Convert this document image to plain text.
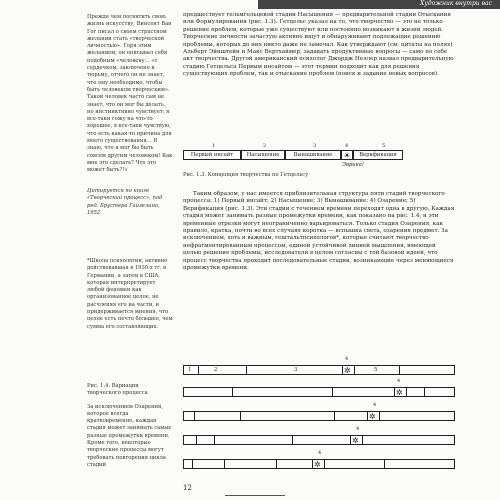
Художник внутри вас

Прежде чем посвятить свою жизнь искусству, Винсент Ван Гог писал о своем страстном желании стать «творческой личностью». Горя этим желанием, он описывал себя подобным «человеку... «с сердечком, заключено в тюрьму, отчего он не знает, что ему необходимо, чтобы быть человеком творческим». Такой человек часто сам не знает, что он мог бы делать, но инстинктивно чувствует: я все-таки гожу на что-то хорошее, я все-таки чувствую, что есть какая-то причина для моего существования... Я знаю, что я мог бы быть совсем другим человеком! Как мне это сделать? Что это может быть?!»

Цитируется по книге «Творческий процесс», под ред. Брустера Гайзелина, 1952

*Школа психологии, активно действовавшая в 1930-х гг. в Германии, а затем в США, которая интерпретирует любой феномен как организованное целое, не расчленяя его на части, и придерживается мнения, что целое есть нечто большее, чем сумма его составляющих.

Рис. 1.4. Вариации творческого процесса

За исключением Озарения, которое всегда кратковременно, каждая стадия может занимать самые разные промежутки времени. Кроме того, некоторые творческие процессы могут требовать повторения цикла стадий

предшествует гельмгольцевой стадии Насыщения — предварительной стадии Отыскания или Формулирования (рис. 1.3). Гетцельс указал на то, что творчество — это не только решение проблем, которые уже существуют или постоянно возникают в жизни людей. Творческие личности зачастую активно ищут и обнаруживают подлежащие решению проблемы, которых до них никто даже не замечал. Как утверждают (см. цитаты на полях) Альберт Эйнштейн и Макс Вертхаймер, задавать продуктивные вопросы — само по себе акт творчества. Другой американский психолог Джордж Неллер назвал предварительную стадию Гетцельса Первым инсайтом — этот термин подходит как для решения существующих проблем, так и отыскание проблем (поиск и задание новых вопросов).

Первый инсайт	Насыщение	Вынашивание	☀	Верификация
1	2	3	4	5
Эврика!
Рис. 1.3. Концепция творчества по Гетцельсу

Таким образом, у нас имеется приблизительная структура пяти стадий творческого процесса: 1) Первый инсайт; 2) Насыщение; 3) Вынашивание; 4) Озарение; 5) Верификация (рис. 1.3). Эти стадии с течением времени переходят одна в другую. Каждая стадия может занимать разные промежутки времени, как показано на рис. 1.4, и эти временные отрезки могут неограниченно варьироваться. Только стадия Озарения, как правило, кратка, почти во всех случаях коротка — вспышка света, озарения предмет. За исключением, хоть и важным, гештальтпсихологов*, которые считают творчество нефрагментированным процессом, единой устойчивой линией мышления, имеющей целью решение проблемы, исследователи в целом согласны с той базовой идеей, что процесс творчества проходит последовательные стадии, возникающие через меняющиеся промежутки времени.

4
1	2	3	✲	5
4
✲
4
✲
4
✲
4
✲
12
